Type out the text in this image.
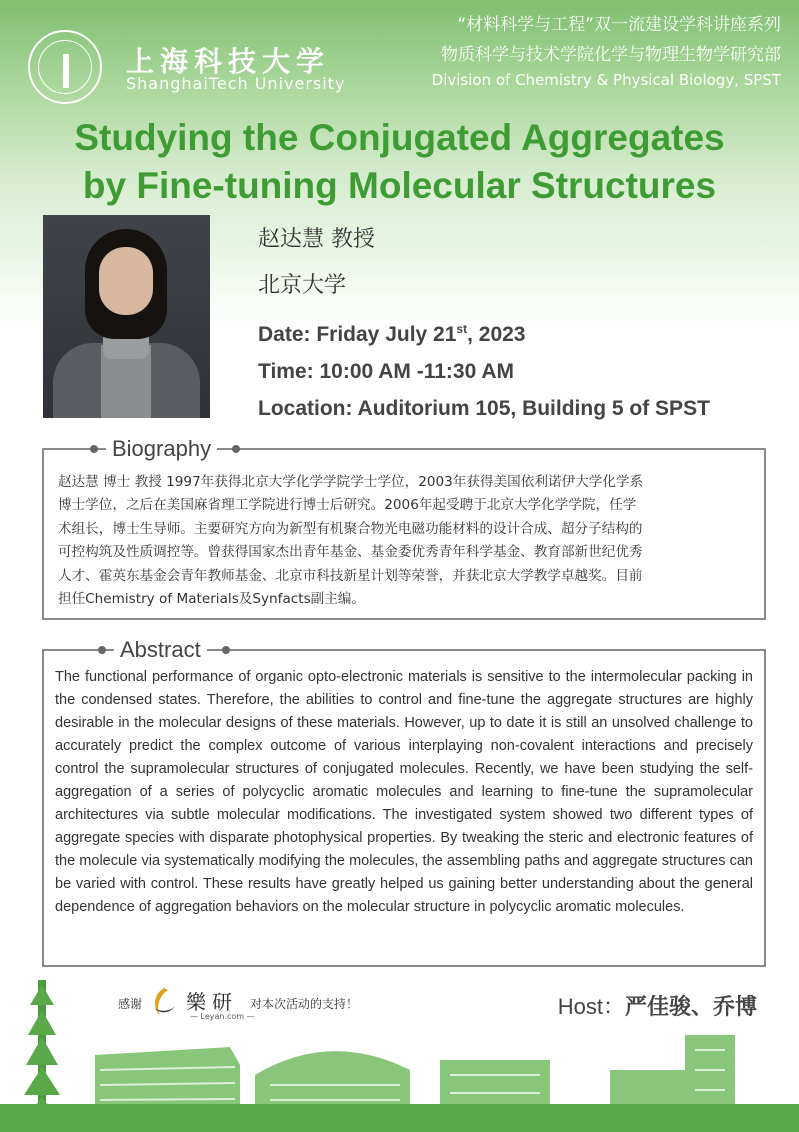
上海科技大学
ShanghaiTech University
“材料科学与工程”双一流建设学科讲座系列
物质科学与技术学院化学与物理生物学研究部
Division of Chemistry & Physical Biology, SPST
Studying the Conjugated Aggregates
by Fine-tuning Molecular Structures
赵达慧 教授
北京大学
Date: Friday July 21st, 2023
Time: 10:00 AM -11:30 AM
Location: Auditorium 105, Building 5 of SPST
Biography
赵达慧 博士 教授 1997年获得北京大学化学学院学士学位，2003年获得美国依利诺伊大学化学系
博士学位，之后在美国麻省理工学院进行博士后研究。2006年起受聘于北京大学化学学院，任学
术组长，博士生导师。主要研究方向为新型有机聚合物光电磁功能材料的设计合成、超分子结构的
可控构筑及性质调控等。曾获得国家杰出青年基金、基金委优秀青年科学基金、教育部新世纪优秀
人才、霍英东基金会青年教师基金、北京市科技新星计划等荣誉，并获北京大学教学卓越奖。目前
担任Chemistry of Materials及Synfacts副主编。
Abstract
The functional performance of organic opto-electronic materials is sensitive to the intermolecular packing in the condensed states. Therefore, the abilities to control and fine-tune the aggregate structures are highly desirable in the molecular designs of these materials. However, up to date it is still an unsolved challenge to accurately predict the complex outcome of various interplaying non-covalent interactions and precisely control the supramolecular structures of conjugated molecules. Recently, we have been studying the self-aggregation of a series of polycyclic aromatic molecules and learning to fine-tune the supramolecular architectures via subtle molecular modifications. The investigated system showed two different types of aggregate species with disparate photophysical properties. By tweaking the steric and electronic features of the molecule via systematically modifying the molecules, the assembling paths and aggregate structures can be varied with control. These results have greatly helped us gaining better understanding about the general dependence of aggregation behaviors on the molecular structure in polycyclic aromatic molecules.
感谢 樂研
— Leyan.com —
对本次活动的支持！	Host：严佳骏、乔博
